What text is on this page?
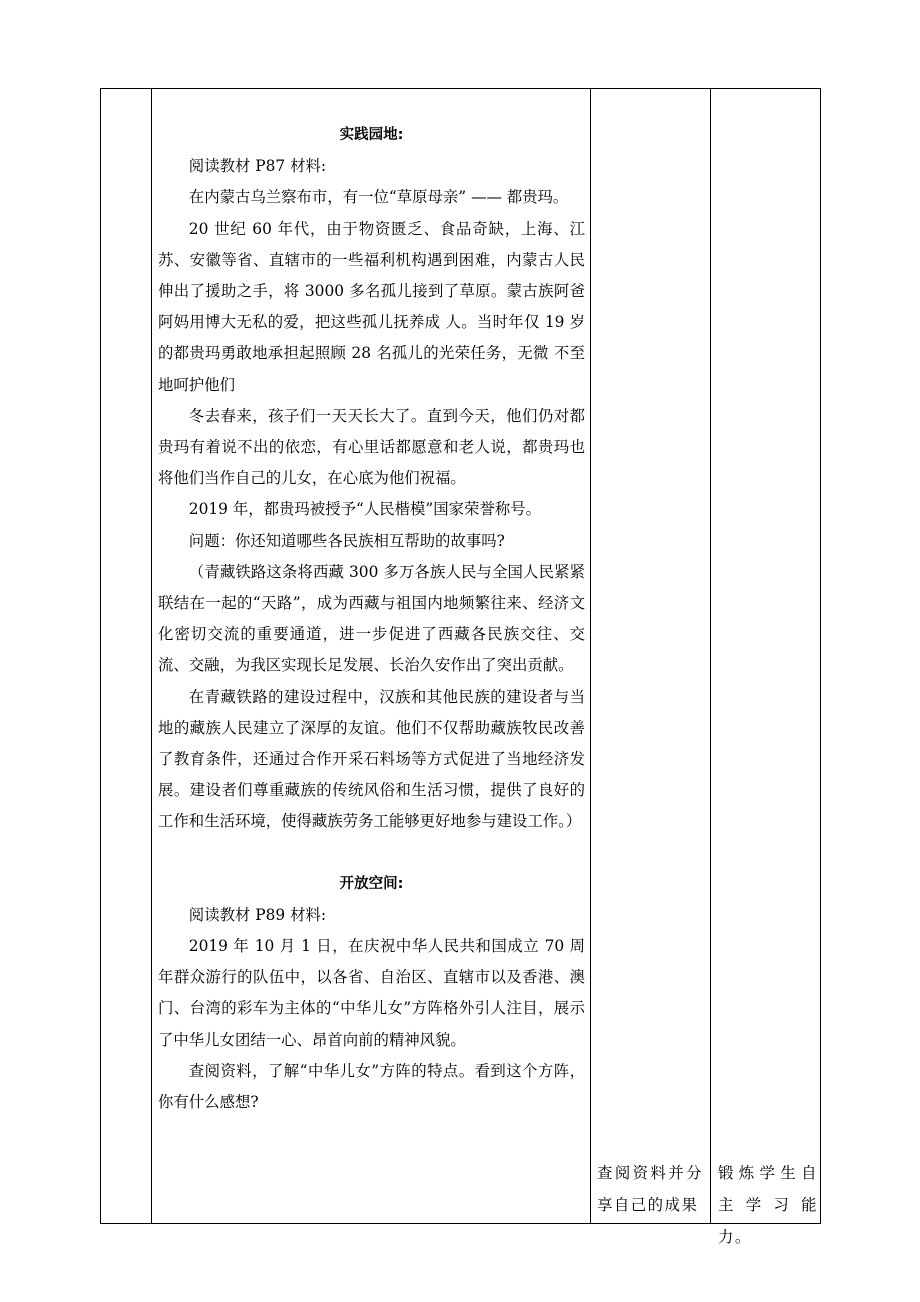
实践园地:

阅读教材 P87 材料:

在内蒙古乌兰察布市，有一位“草原母亲” —— 都贵玛。

20 世纪 60 年代，由于物资匮乏、食品奇缺，上海、江苏、安徽等省、直辖市的一些福利机构遇到困难，内蒙古人民伸出了援助之手，将 3000 多名孤儿接到了草原。蒙古族阿爸阿妈用博大无私的爱，把这些孤儿抚养成 人。当时年仅 19 岁的都贵玛勇敢地承担起照顾 28 名孤儿的光荣任务，无微 不至地呵护他们

冬去春来，孩子们一天天长大了。直到今天，他们仍对都贵玛有着说不出的依恋，有心里话都愿意和老人说，都贵玛也将他们当作自己的儿女，在心底为他们祝福。

2019 年，都贵玛被授予“人民楷模”国家荣誉称号。

问题：你还知道哪些各民族相互帮助的故事吗?

（青藏铁路这条将西藏 300 多万各族人民与全国人民紧紧联结在一起的“天路”，成为西藏与祖国内地频繁往来、经济文化密切交流的重要通道，进一步促进了西藏各民族交往、交流、交融，为我区实现长足发展、长治久安作出了突出贡献。

在青藏铁路的建设过程中，汉族和其他民族的建设者与当地的藏族人民建立了深厚的友谊。他们不仅帮助藏族牧民改善了教育条件，还通过合作开采石料场等方式促进了当地经济发展。建设者们尊重藏族的传统风俗和生活习惯，提供了良好的工作和生活环境，使得藏族劳务工能够更好地参与建设工作。）

开放空间:

阅读教材 P89 材料:

2019 年 10 月 1 日，在庆祝中华人民共和国成立 70 周年群众游行的队伍中，以各省、自治区、直辖市以及香港、澳门、台湾的彩车为主体的“中华儿女”方阵格外引人注目，展示了中华儿女团结一心、昂首向前的精神风貌。

查阅资料，了解“中华儿女”方阵的特点。看到这个方阵，你有什么感想?

查阅资料并分享自己的成果
锻炼学生自主学习能力。
